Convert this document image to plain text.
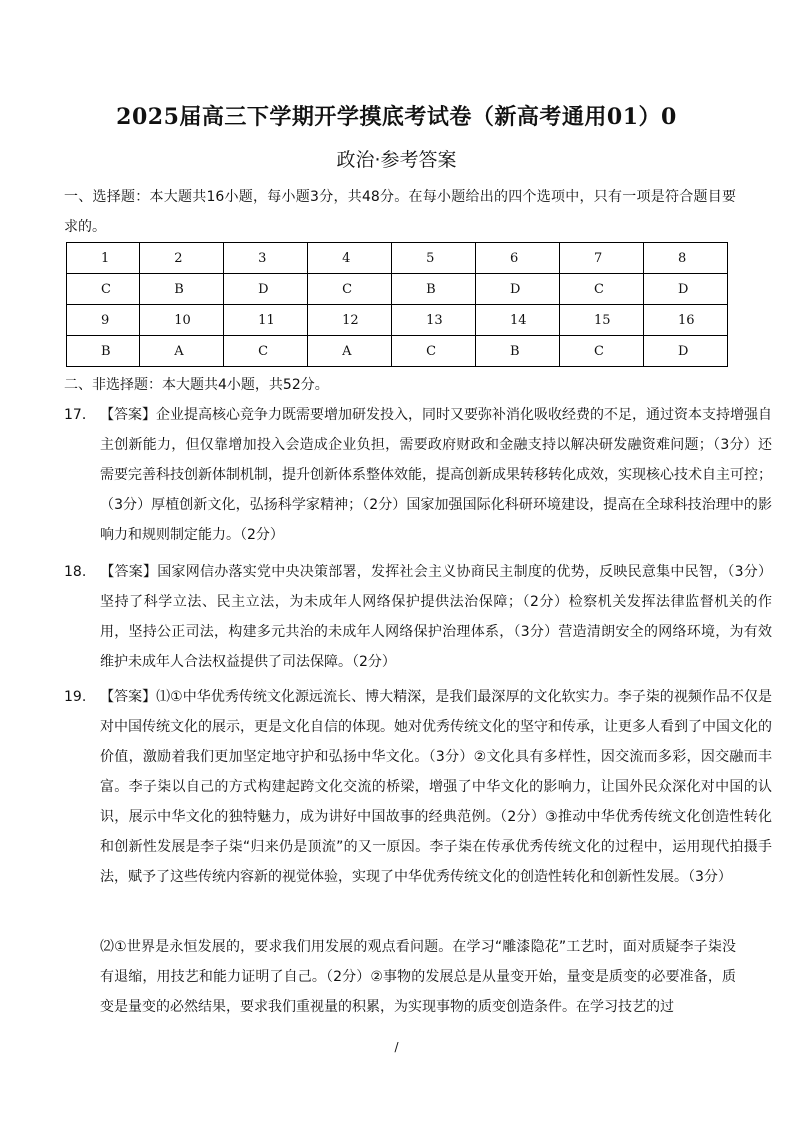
2025届高三下学期开学摸底考试卷（新高考通用01）0
政治·参考答案
一、选择题：本大题共16小题，每小题3分，共48分。在每小题给出的四个选项中，只有一项是符合题目要求的。
1	2	3	4	5	6	7	8
C	B	D	C	B	D	C	D
9	10	11	12	13	14	15	16
B	A	C	A	C	B	C	D
二、非选择题：本大题共4小题，共52分。
17． 【答案】企业提高核心竞争力既需要增加研发投入，同时又要弥补消化吸收经费的不足，通过资本支持增强自主创新能力，但仅靠增加投入会造成企业负担，需要政府财政和金融支持以解决研发融资难问题；（3分）还需要完善科技创新体制机制，提升创新体系整体效能，提高创新成果转移转化成效，实现核心技术自主可控；（3分）厚植创新文化，弘扬科学家精神；（2分）国家加强国际化科研环境建设，提高在全球科技治理中的影响力和规则制定能力。（2分）
18. 【答案】国家网信办落实党中央决策部署，发挥社会主义协商民主制度的优势，反映民意集中民智，（3分）坚持了科学立法、民主立法，为未成年人网络保护提供法治保障；（2分）检察机关发挥法律监督机关的作用，坚持公正司法，构建多元共治的未成年人网络保护治理体系，（3分）营造清朗安全的网络环境，为有效维护未成年人合法权益提供了司法保障。（2分）
19. 【答案】⑴①中华优秀传统文化源远流长、博大精深，是我们最深厚的文化软实力。李子柒的视频作品不仅是对中国传统文化的展示，更是文化自信的体现。她对优秀传统文化的坚守和传承，让更多人看到了中国文化的价值，激励着我们更加坚定地守护和弘扬中华文化。（3分）②文化具有多样性，因交流而多彩，因交融而丰富。李子柒以自己的方式构建起跨文化交流的桥梁，增强了中华文化的影响力，让国外民众深化对中国的认识，展示中华文化的独特魅力，成为讲好中国故事的经典范例。（2分）③推动中华优秀传统文化创造性转化和创新性发展是李子柒“归来仍是顶流”的又一原因。李子柒在传承优秀传统文化的过程中，运用现代拍摄手法，赋予了这些传统内容新的视觉体验，实现了中华优秀传统文化的创造性转化和创新性发展。（3分）
⑵①世界是永恒发展的，要求我们用发展的观点看问题。在学习“雕漆隐花”工艺时，面对质疑李子柒没有退缩，用技艺和能力证明了自己。（2分）②事物的发展总是从量变开始，量变是质变的必要准备，质变是量变的必然结果，要求我们重视量的积累，为实现事物的质变创造条件。在学习技艺的过
/
